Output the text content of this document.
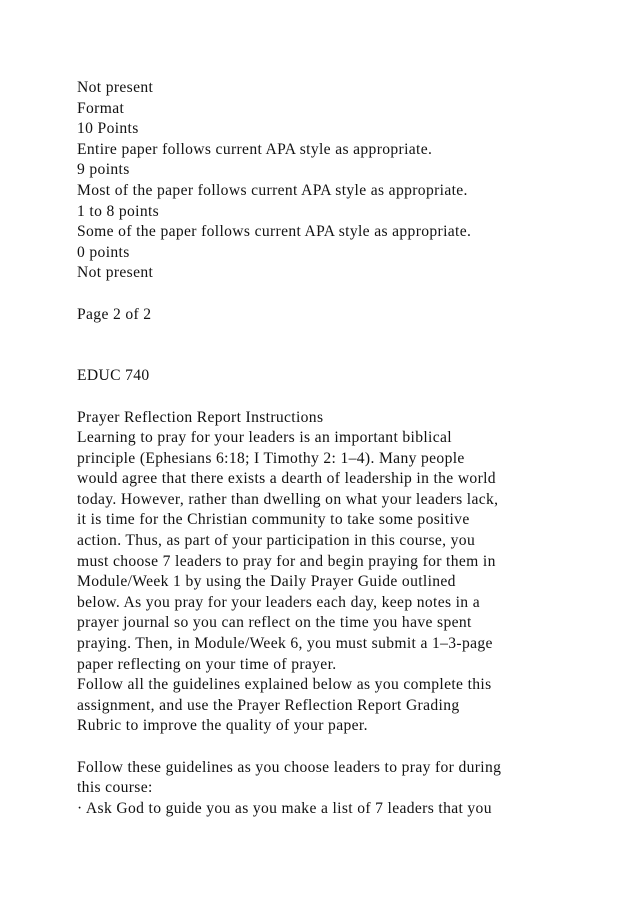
Not present
Format
10 Points
Entire paper follows current APA style as appropriate.
9 points
Most of the paper follows current APA style as appropriate.
1 to 8 points
Some of the paper follows current APA style as appropriate.
0 points
Not present
Page 2 of 2
EDUC 740
Prayer Reflection Report Instructions
Learning to pray for your leaders is an important biblical
principle (Ephesians 6:18; I Timothy 2: 1–4). Many people
would agree that there exists a dearth of leadership in the world
today. However, rather than dwelling on what your leaders lack,
it is time for the Christian community to take some positive
action. Thus, as part of your participation in this course, you
must choose 7 leaders to pray for and begin praying for them in
Module/Week 1 by using the Daily Prayer Guide outlined
below. As you pray for your leaders each day, keep notes in a
prayer journal so you can reflect on the time you have spent
praying. Then, in Module/Week 6, you must submit a 1–3-page
paper reflecting on your time of prayer.
Follow all the guidelines explained below as you complete this
assignment, and use the Prayer Reflection Report Grading
Rubric to improve the quality of your paper.
Follow these guidelines as you choose leaders to pray for during
this course:
· Ask God to guide you as you make a list of 7 leaders that you
